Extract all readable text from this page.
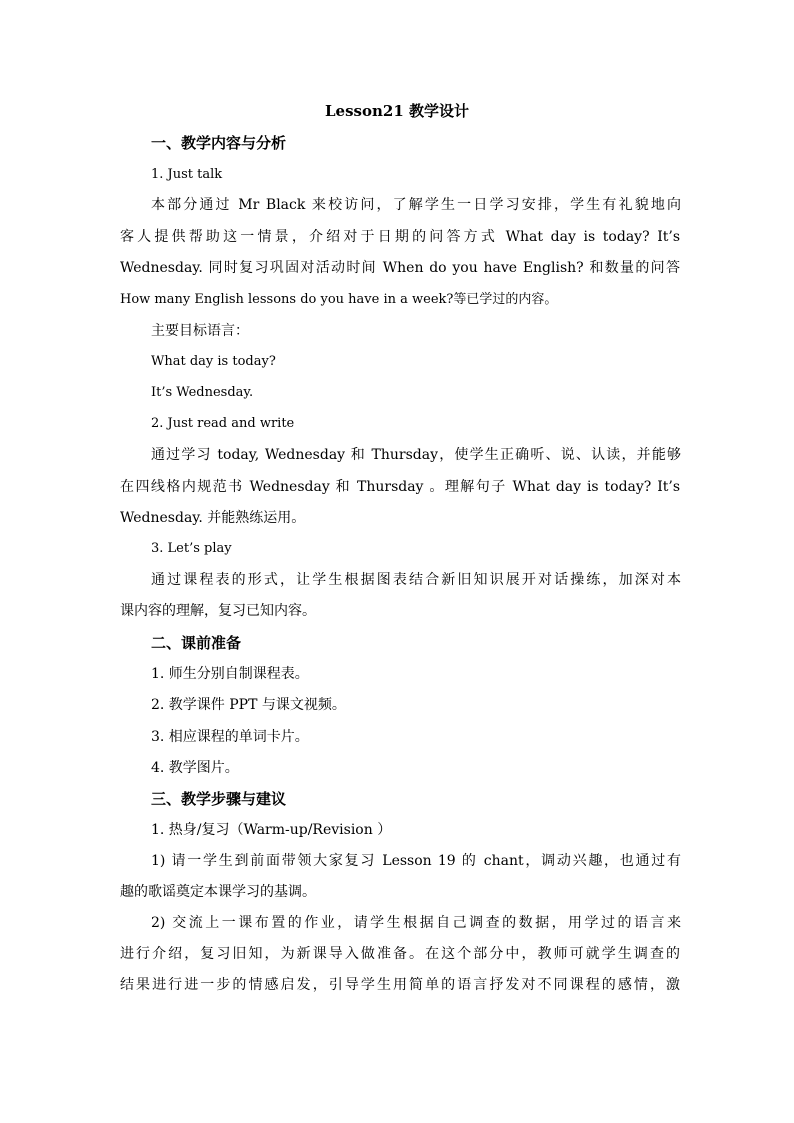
Lesson21 教学设计
一、教学内容与分析
1. Just talk
本部分通过 Mr Black 来校访问，了解学生一日学习安排，学生有礼貌地向
客人提供帮助这一情景，介绍对于日期的问答方式 What day is today? It’s
Wednesday. 同时复习巩固对活动时间 When do you have English? 和数量的问答
How many English lessons do you have in a week?等已学过的内容。
主要目标语言：
What day is today?
It’s Wednesday.
2. Just read and write
通过学习 today, Wednesday 和 Thursday，使学生正确听、说、认读，并能够
在四线格内规范书 Wednesday 和 Thursday 。理解句子 What day is today? It’s
Wednesday. 并能熟练运用。
3. Let’s play
通过课程表的形式，让学生根据图表结合新旧知识展开对话操练，加深对本
课内容的理解，复习已知内容。
二、课前准备
1. 师生分别自制课程表。
2. 教学课件 PPT 与课文视频。
3. 相应课程的单词卡片。
4. 教学图片。
三、教学步骤与建议
1. 热身/复习（Warm-up/Revision ）
1) 请一学生到前面带领大家复习 Lesson 19 的 chant，调动兴趣，也通过有
趣的歌谣奠定本课学习的基调。
2) 交流上一课布置的作业，请学生根据自己调查的数据，用学过的语言来
进行介绍，复习旧知，为新课导入做准备。在这个部分中，教师可就学生调查的
结果进行进一步的情感启发，引导学生用简单的语言抒发对不同课程的感情，激
